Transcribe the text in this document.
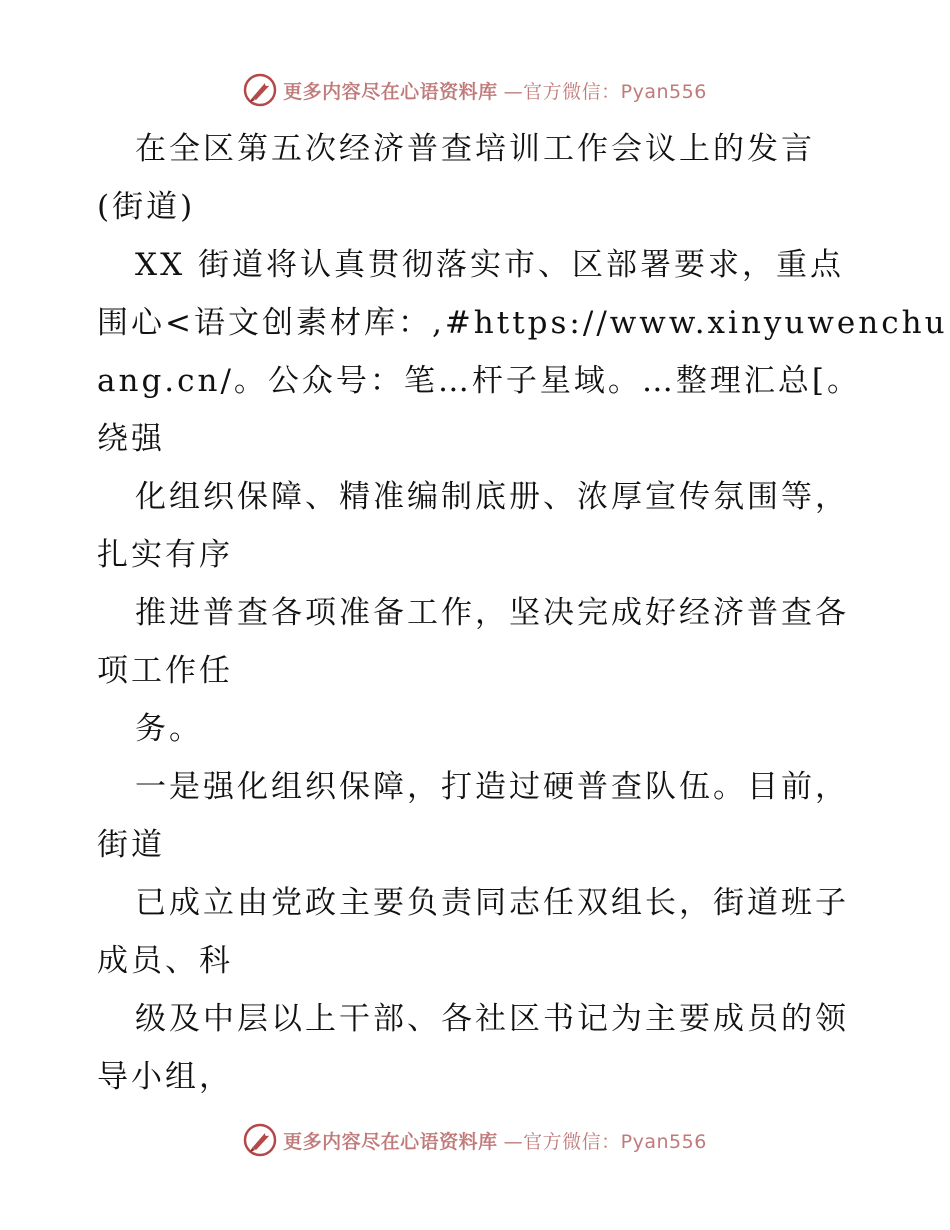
更多内容尽在心语资料库 —官方微信：Pyan556
在全区第五次经济普查培训工作会议上的发言
(街道)
XX 街道将认真贯彻落实市、区部署要求，重点
围心<语文创素材库：,#https://www.xinyuwenchu
ang.cn/。公众号：笔…杆子星域。…整理汇总[。
绕强
化组织保障、精准编制底册、浓厚宣传氛围等，
扎实有序
推进普查各项准备工作，坚决完成好经济普查各
项工作任
务。
一是强化组织保障，打造过硬普查队伍。目前，
街道
已成立由党政主要负责同志任双组长，街道班子
成员、科
级及中层以上干部、各社区书记为主要成员的领
导小组，
更多内容尽在心语资料库 —官方微信：Pyan556
